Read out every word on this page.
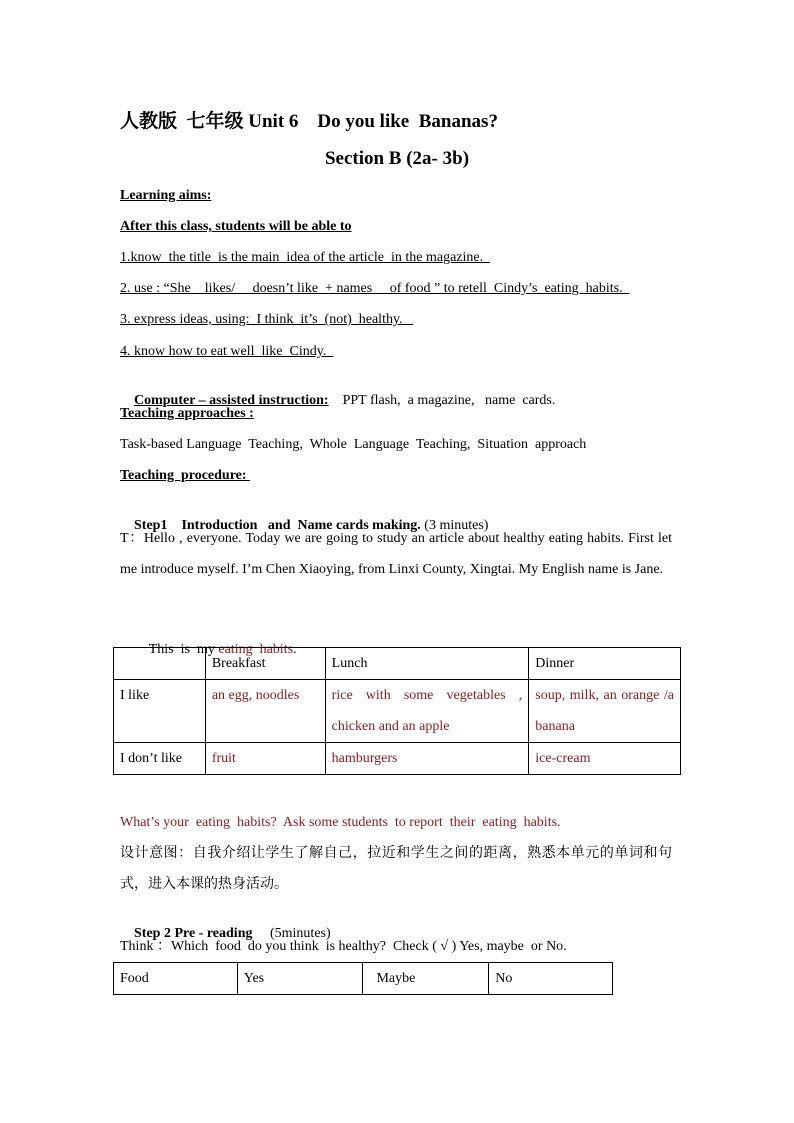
人教版  七年级 Unit 6    Do you like  Bananas?
Section B (2a- 3b)
Learning aims:
After this class, students will be able to
1.know  the title  is the main  idea of the article  in the magazine.
2. use : “She    likes/     doesn’t like  + names     of food ” to retell  Cindy’s  eating  habits.
3. express ideas, using:  I think  it’s  (not)  healthy.
4. know how to eat well  like  Cindy.

Computer – assisted instruction:    PPT flash,  a magazine,   name  cards.

Teaching approaches :
Task-based Language  Teaching,  Whole  Language  Teaching,  Situation  approach
Teaching  procedure:

Step1    Introduction   and  Name cards making. (3 minutes)

T：Hello , everyone. Today we are going to study an article about healthy eating habits. First let me introduce myself. I’m Chen Xiaoying, from Linxi County, Xingtai. My English name is Jane.

This  is  my eating  habits.

	Breakfast	Lunch	Dinner
I like	an egg, noodles	rice with some vegetables , chicken and an apple	soup, milk, an orange /a banana
I don’t like	fruit	hamburgers	ice-cream
What’s your  eating  habits?  Ask some students  to report  their  eating  habits.
设计意图：自我介绍让学生了解自己，拉近和学生之间的距离，熟悉本单元的单词和句式，进入本课的热身活动。

Step 2 Pre - reading     (5minutes)

Think ：Which  food  do you think  is healthy?  Check ( √ ) Yes, maybe  or No.
Food	Yes	Maybe	No
